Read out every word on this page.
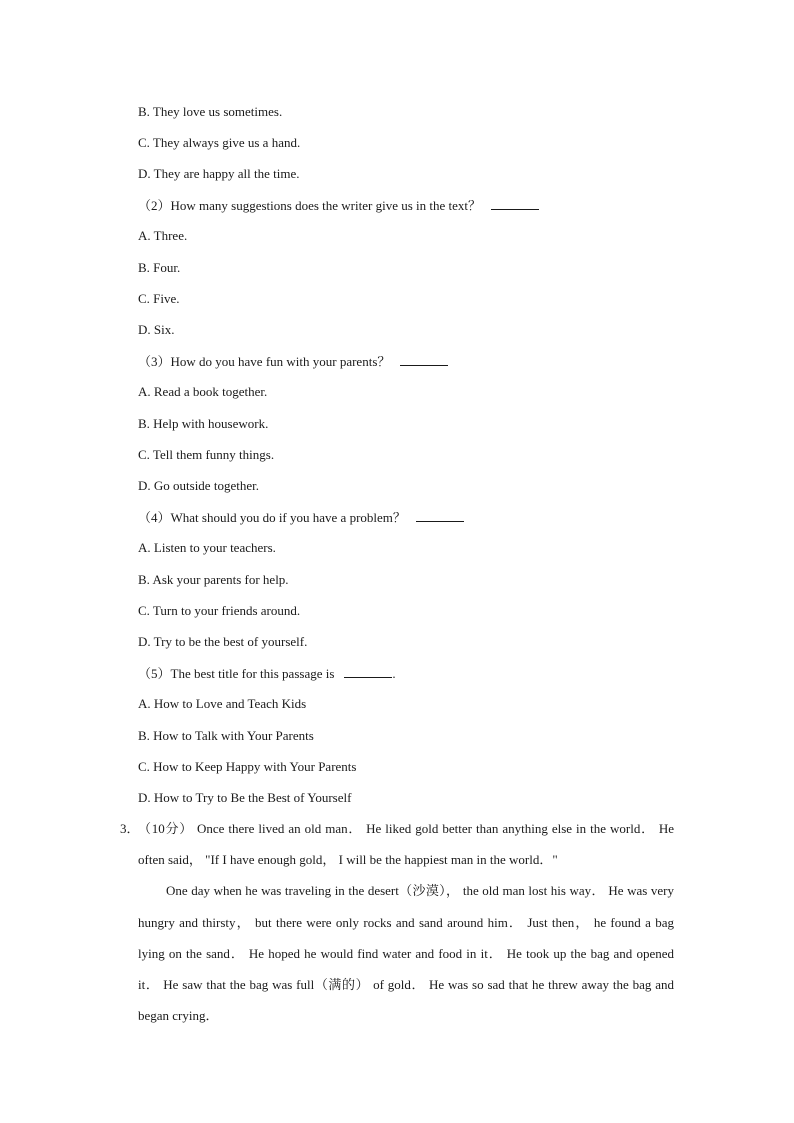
B. They love us sometimes.
C. They always give us a hand.
D. They are happy all the time.
（2）How many suggestions does the writer give us in the text？
A. Three.
B. Four.
C. Five.
D. Six.
（3）How do you have fun with your parents？
A. Read a book together.
B. Help with housework.
C. Tell them funny things.
D. Go outside together.
（4）What should you do if you have a problem？
A. Listen to your teachers.
B. Ask your parents for help.
C. Turn to your friends around.
D. Try to be the best of yourself.
（5）The best title for this passage is	.
A. How to Love and Teach Kids
B. How to Talk with Your Parents
C. How to Keep Happy with Your Parents
D. How to Try to Be the Best of Yourself
3．
（10分） Once there lived an old man． He liked gold better than anything else in the world． He often said， "If I have enough gold， I will be the happiest man in the world．"
One day when he was traveling in the desert（沙漠）， the old man lost his way． He was very hungry and thirsty， but there were only rocks and sand around him． Just then， he found a bag lying on the sand． He hoped he would find water and food in it． He took up the bag and opened it． He saw that the bag was full（满的） of gold． He was so sad that he threw away the bag and began crying．
